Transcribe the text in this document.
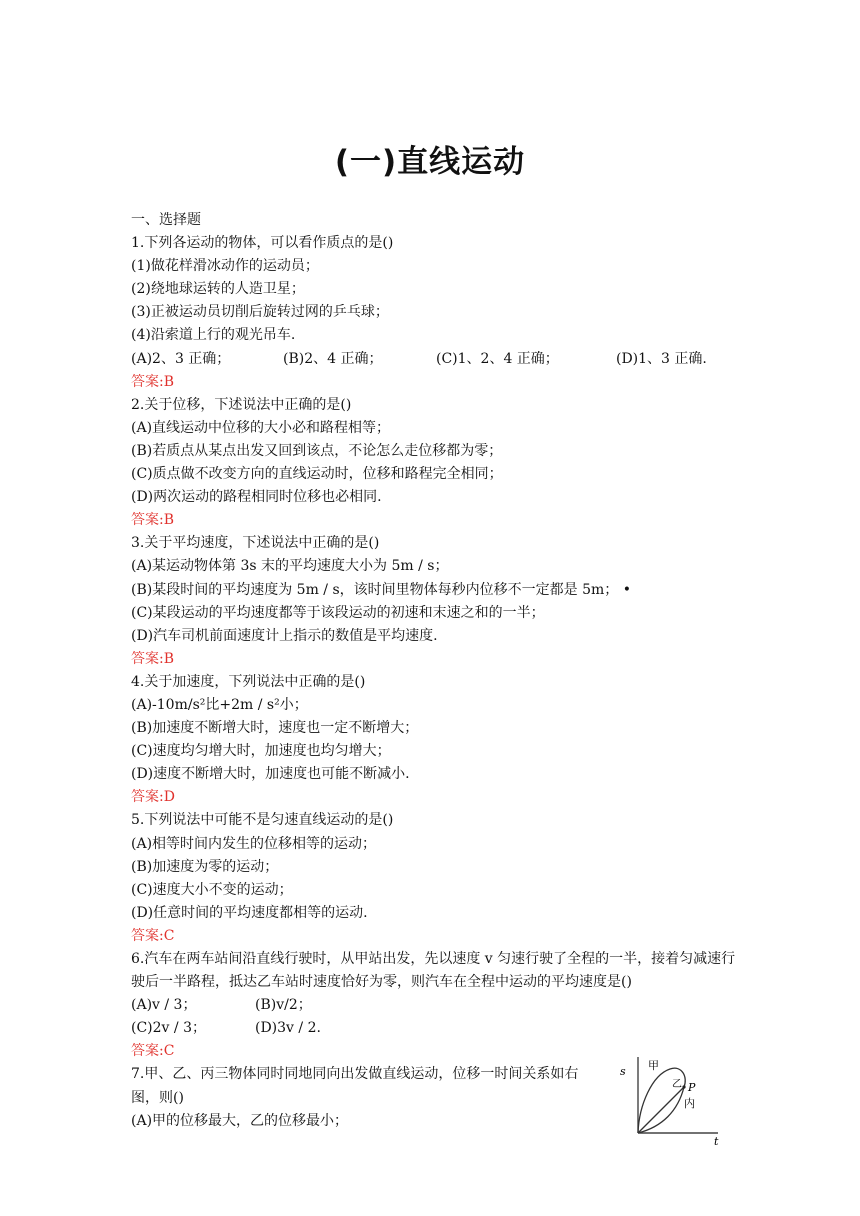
(一)直线运动
一、选择题
1.下列各运动的物体，可以看作质点的是()
(1)做花样滑冰动作的运动员；
(2)绕地球运转的人造卫星；
(3)正被运动员切削后旋转过网的乒乓球；
(4)沿索道上行的观光吊车.
(A)2、3 正确；	(B)2、4 正确；	(C)1、2、4 正确；	(D)1、3 正确.
答案:B
2.关于位移，下述说法中正确的是()
(A)直线运动中位移的大小必和路程相等；
(B)若质点从某点出发又回到该点，不论怎么走位移都为零；
(C)质点做不改变方向的直线运动时，位移和路程完全相同；
(D)两次运动的路程相同时位移也必相同.
答案:B
3.关于平均速度，下述说法中正确的是()
(A)某运动物体第 3s 末的平均速度大小为 5m / s；
(B)某段时间的平均速度为 5m / s，该时间里物体每秒内位移不一定都是 5m； •
(C)某段运动的平均速度都等于该段运动的初速和末速之和的一半；
(D)汽车司机前面速度计上指示的数值是平均速度.
答案:B
4.关于加速度，下列说法中正确的是()
(A)-10m/s²比+2m / s²小；
(B)加速度不断增大时，速度也一定不断增大；
(C)速度均匀增大时，加速度也均匀增大；
(D)速度不断增大时，加速度也可能不断减小.
答案:D
5.下列说法中可能不是匀速直线运动的是()
(A)相等时间内发生的位移相等的运动；
(B)加速度为零的运动；
(C)速度大小不变的运动；
(D)任意时间的平均速度都相等的运动.
答案:C
6.汽车在两车站间沿直线行驶时，从甲站出发，先以速度 v 匀速行驶了全程的一半，接着匀减速行驶后一半路程，抵达乙车站时速度恰好为零，则汽车在全程中运动的平均速度是()
(A)v / 3；	(B)v/2；
(C)2v / 3；	(D)3v / 2.
答案:C
7.甲、乙、丙三物体同时同地同向出发做直线运动，位移一时间关系如右
图，则()
(A)甲的位移最大，乙的位移最小；
s 甲
乙 P
内
t
